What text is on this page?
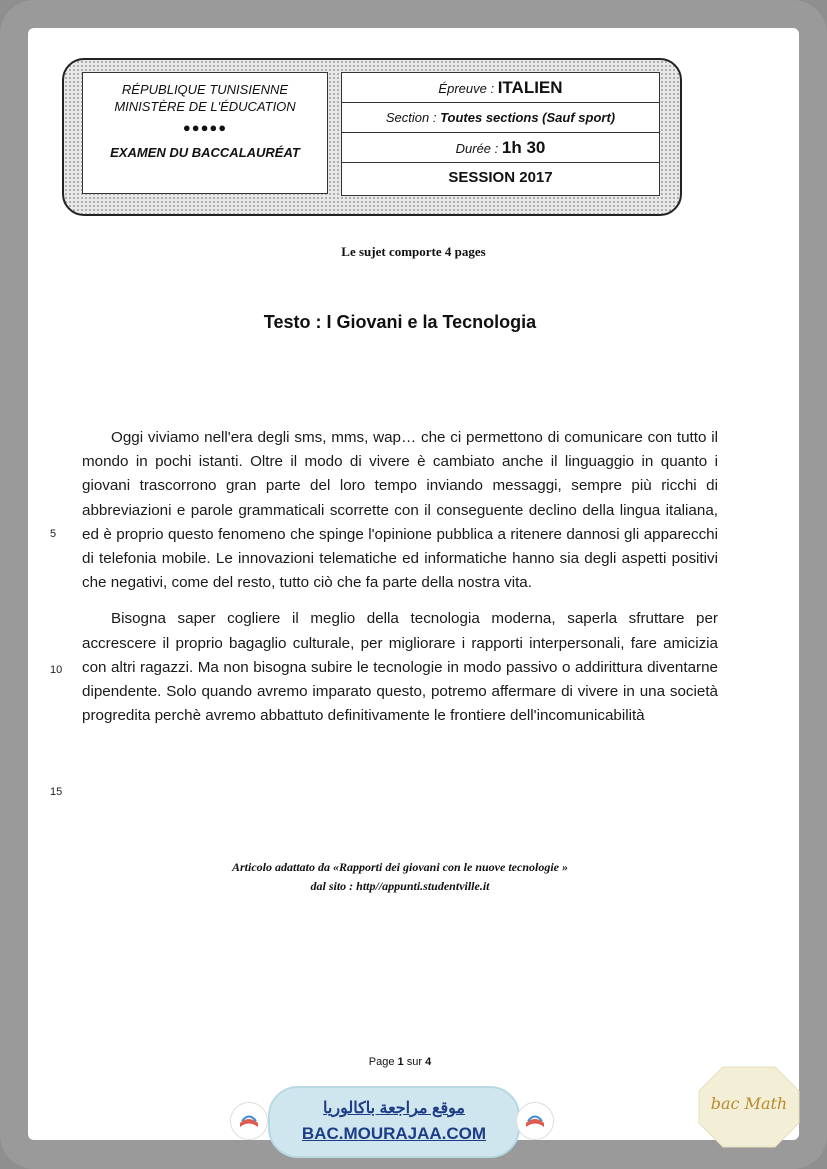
RÉPUBLIQUE TUNISIENNE
MINISTÈRE DE L'ÉDUCATION
●●●●●
EXAMEN DU BACCALAURÉAT
Épreuve : ITALIEN
Section : Toutes sections (Sauf sport)
Durée : 1h 30
SESSION 2017
Le sujet comporte 4 pages
Testo : I Giovani e la Tecnologia

Oggi viviamo nell'era degli sms, mms, wap… che ci permettono di comunicare con tutto il mondo in pochi istanti. Oltre il modo di vivere è cambiato anche il linguaggio in quanto i giovani trascorrono gran parte del loro tempo inviando messaggi, sempre più ricchi di abbreviazioni e parole grammaticali scorrette con il conseguente declino della lingua italiana, ed è proprio questo fenomeno che spinge l'opinione pubblica a ritenere dannosi gli apparecchi di telefonia mobile. Le innovazioni telematiche ed informatiche hanno sia degli aspetti positivi che negativi, come del resto, tutto ciò che fa parte della nostra vita.

Bisogna saper cogliere il meglio della tecnologia moderna, saperla sfruttare per accrescere il proprio bagaglio culturale, per migliorare i rapporti interpersonali, fare amicizia con altri ragazzi. Ma non bisogna subire le tecnologie in modo passivo o addirittura diventarne dipendente. Solo quando avremo imparato questo, potremo affermare di vivere in una società progredita perchè avremo abbattuto definitivamente le frontiere dell'incomunicabilità

5
10
15
Articolo adattato da «Rapporti dei giovani con le nuove tecnologie »
dal sito : http//appunti.studentville.it
Page 1 sur 4
موقع مراجعة باكالوريا
BAC.MOURAJAA.COM
bac Math
